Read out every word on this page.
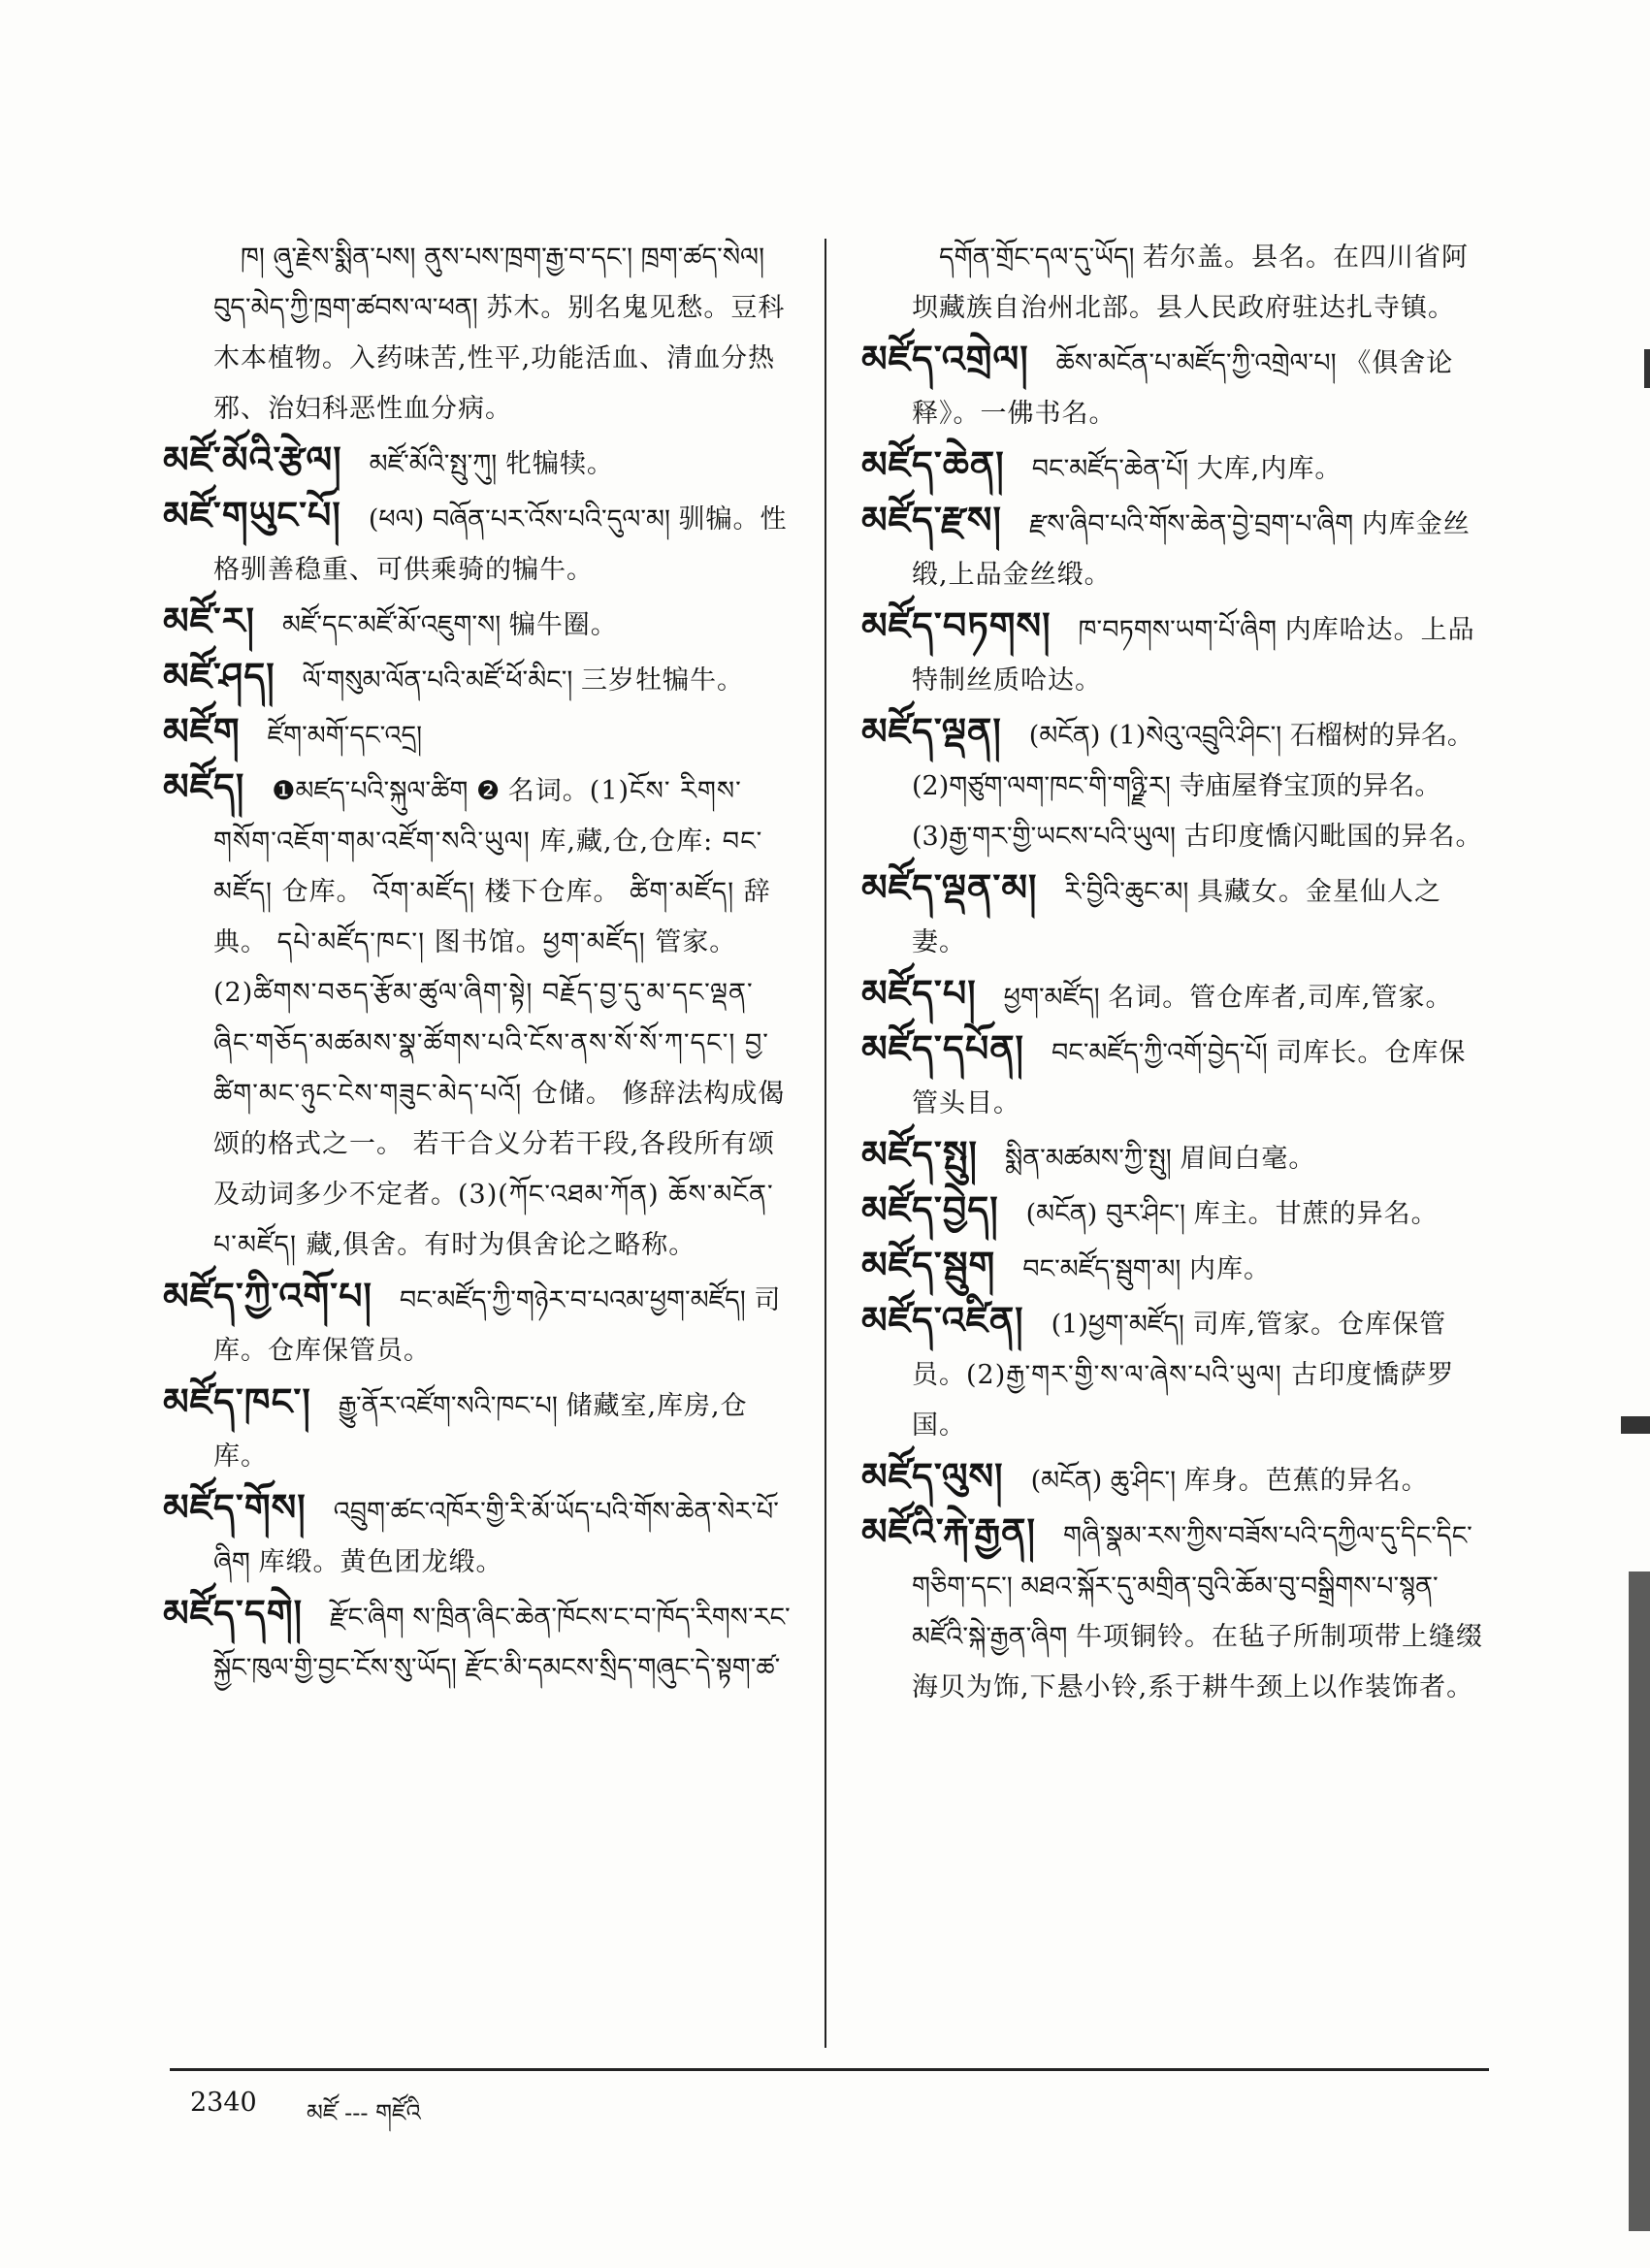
ཁ། ཞུ་རྗེས་སྨིན་པས། ནུས་པས་ཁྲག་རྒྱ་བ་དང་། ཁྲག་ཚད་སེལ། བུད་མེད་ཀྱི་ཁྲག་ཚབས་ལ་ཕན། 苏木。别名鬼见愁。豆科木本植物。入药味苦,性平,功能活血、清血分热邪、治妇科恶性血分病。

མཛོ་མོའི་རྩེལ། མཛོ་མོའི་སྤུ་ཀུ། 牝犏犊。

མཛོ་གཡུང་པོ། (ཕལ) བཞོན་པར་འོས་པའི་དུལ་མ། 驯犏。性格驯善稳重、可供乘骑的犏牛。

མཛོ་ར། མཛོ་དང་མཛོ་མོ་འཇུག་ས། 犏牛圈。

མཛོ་ཤད། ལོ་གསུམ་ལོན་པའི་མཛོ་ཕོ་མིང་། 三岁牡犏牛。

མཛོག ཛོག་མགོ་དང་འདྲ།

མཛོད། ❶མཛད་པའི་སྐུལ་ཚིག ❷ 名词。(1)ངོས་ རིགས་གསོག་འཇོག་གམ་འཛོག་སའི་ཡུལ། 库,藏,仓,仓库: བང་མཛོད། 仓库。 འོག་མཛོད། 楼下仓库。 ཚིག་མཛོད། 辞典。 དཔེ་མཛོད་ཁང་། 图书馆。ཕྱག་མཛོད། 管家。(2)ཚིགས་བཅད་རྩོམ་ཚུལ་ཞིག་སྟེ། བརྗོད་བྱ་དུ་མ་དང་ལྡན་ཞིང་གཅོད་མཚམས་སྣ་ཚོགས་པའི་ངོས་ནས་སོ་སོ་ཀ་དང་། བྱ་ཚིག་མང་ཉུང་ངེས་གཟུང་མེད་པའོ། 仓储。 修辞法构成偈颂的格式之一。 若干合义分若干段,各段所有颂及动词多少不定者。(3)(ཀོང་འཐམ་ཀོན) ཆོས་མངོན་པ་མཛོད། 藏,俱舍。有时为俱舍论之略称。

མཛོད་ཀྱི་འགོ་པ། བང་མཛོད་ཀྱི་གཉེར་བ་པའམ་ཕྱག་མཛོད། 司库。仓库保管员。

མཛོད་ཁང་། རྒྱུ་ནོར་འཛོག་སའི་ཁང་པ། 储藏室,库房,仓库。

མཛོད་གོས། འབྲུག་ཚང་འཁོར་གྱི་རི་མོ་ཡོད་པའི་གོས་ཆེན་སེར་པོ་ཞིག 库缎。黄色团龙缎。

མཛོད་དགེ། རྫོང་ཞིག ས་ཁྲིན་ཞིང་ཆེན་ཁོངས་ང་བ་ཁོད་རིགས་རང་སྐྱོང་ཁུལ་གྱི་བྱང་ངོས་སུ་ཡོད། རྫོང་མི་དམངས་སྲིད་གཞུང་དེ་སྟག་ཚ་

དགོན་གྲོང་དལ་དུ་ཡོད། 若尔盖。县名。在四川省阿坝藏族自治州北部。县人民政府驻达扎寺镇。

མཛོད་འགྲེལ། ཆོས་མངོན་པ་མཛོད་ཀྱི་འགྲེལ་པ། 《俱舍论释》。一佛书名。

མཛོད་ཆེན། བང་མཛོད་ཆེན་པོ། 大库,内库。

མཛོད་རྫས། རྫས་ཞིབ་པའི་གོས་ཆེན་བྱེ་བྲག་པ་ཞིག 内库金丝缎,上品金丝缎。

མཛོད་བཏགས། ཁ་བཏགས་ཡག་པོ་ཞིག 内库哈达。上品特制丝质哈达。

མཛོད་ལྡན། (མངོན) (1)སེའུ་འབྲུའི་ཤིང་། 石榴树的异名。(2)གཙུག་ལག་ཁང་གི་གཉྫི་ར། 寺庙屋脊宝顶的异名。(3)རྒྱ་གར་གྱི་ཡངས་པའི་ཡུལ། 古印度憍闪毗国的异名。

མཛོད་ལྡན་མ། རི་བྱིའི་ཆུང་མ། 具藏女。金星仙人之妻。

མཛོད་པ། ཕྱག་མཛོད། 名词。管仓库者,司库,管家。

མཛོད་དཔོན། བང་མཛོད་ཀྱི་འགོ་བྱེད་པོ། 司库长。仓库保管头目。

མཛོད་སྤུ། སྨིན་མཚམས་ཀྱི་སྤུ། 眉间白毫。

མཛོད་བྱེད། (མངོན) བུར་ཤིང་། 库主。甘蔗的异名。

མཛོད་སྦུག བང་མཛོད་སྦུག་མ། 内库。

མཛོད་འཛིན། (1)ཕྱག་མཛོད། 司库,管家。仓库保管员。(2)རྒྱ་གར་གྱི་ས་ལ་ཞེས་པའི་ཡུལ། 古印度憍萨罗国。

མཛོད་ལུས། (མངོན) ཆུ་ཤིང་། 库身。芭蕉的异名。

མཛོའི་རྐེ་རྒྱན། གཞི་སྣམ་རས་ཀྱིས་བཟོས་པའི་དཀྱིལ་དུ་དིང་དིང་གཅིག་དང་། མཐའ་སྐོར་དུ་མགྲིན་བུའི་ཆོམ་བུ་བསྒྲིགས་པ་སྙན་མཛོའི་སྐེ་རྒྱན་ཞིག 牛项铜铃。在毡子所制项带上缝缀海贝为饰,下悬小铃,系于耕牛颈上以作装饰者。

2340 མཛོ --- གཛོའི
